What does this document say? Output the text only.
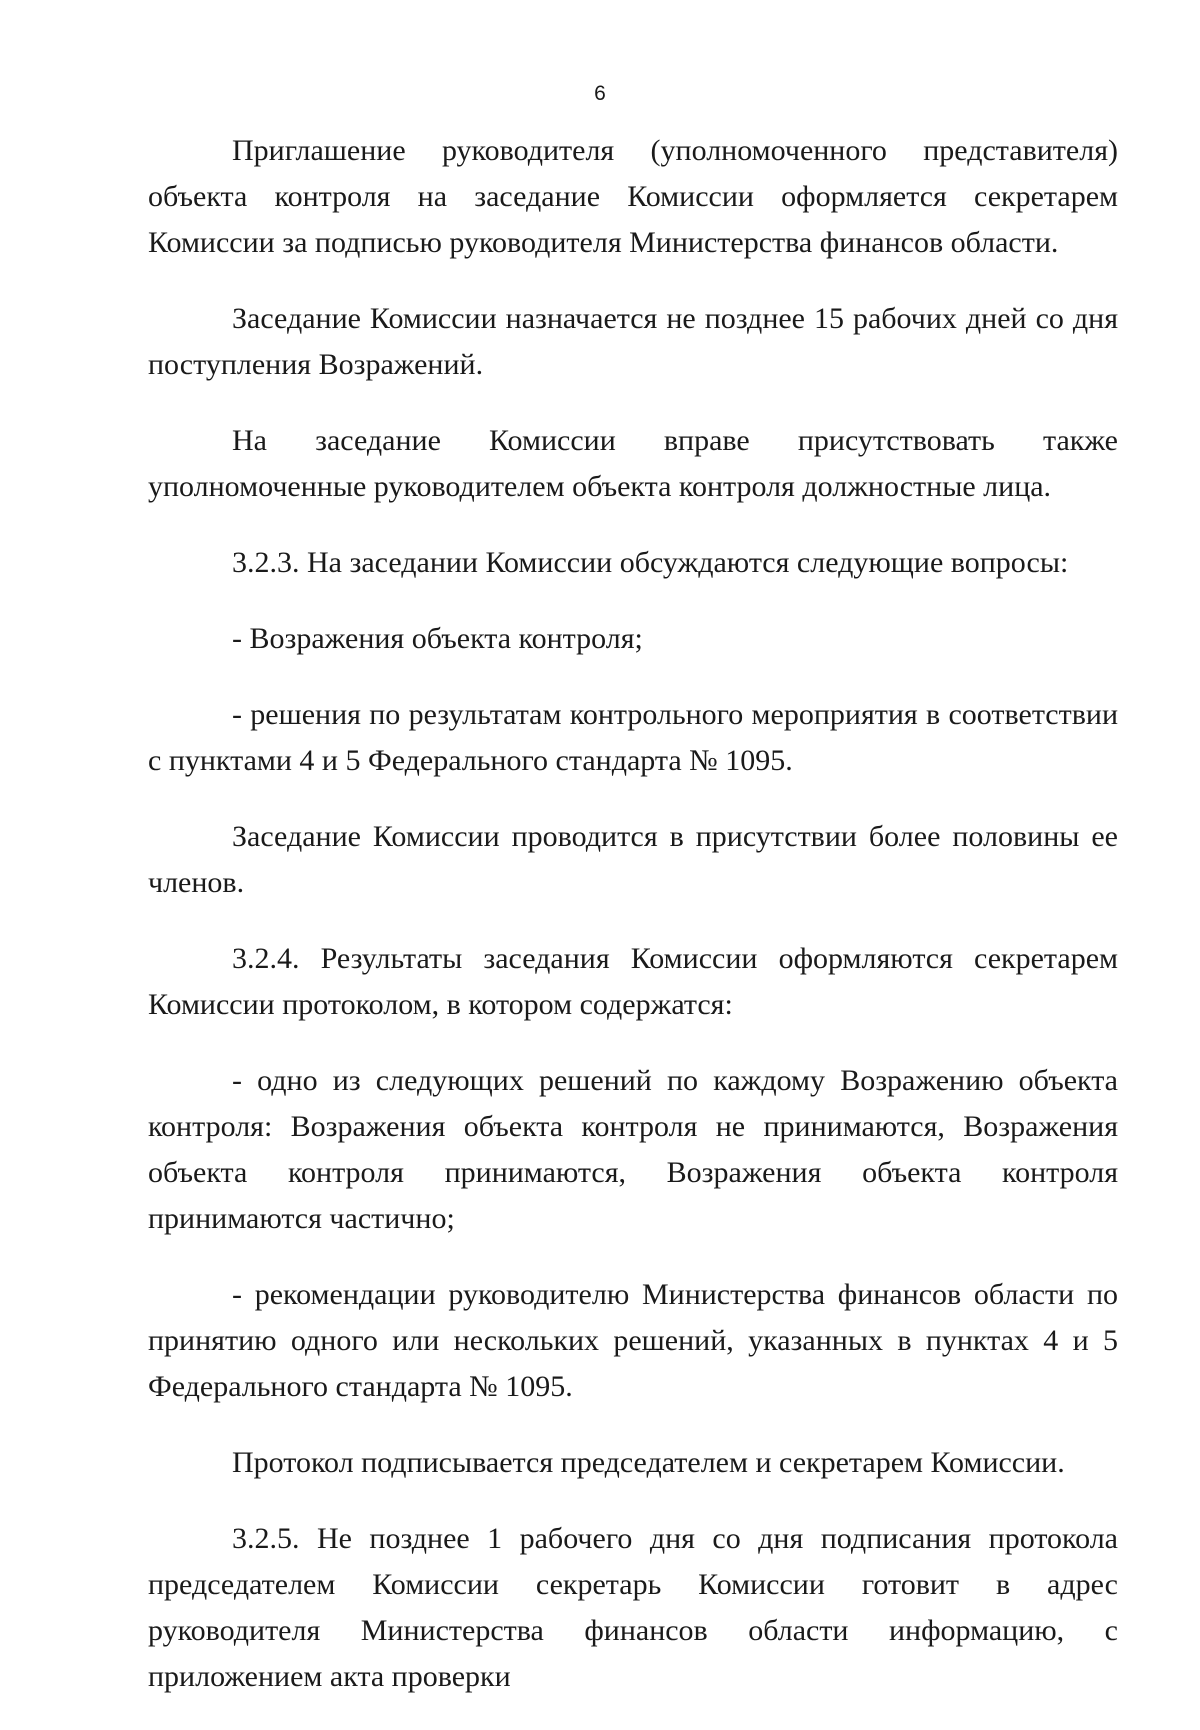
6

Приглашение руководителя (уполномоченного представителя) объекта контроля на заседание Комиссии оформляется секретарем Комиссии за подписью руководителя Министерства финансов области.

Заседание Комиссии назначается не позднее 15 рабочих дней со дня поступления Возражений.

На заседание Комиссии вправе присутствовать также уполномоченные руководителем объекта контроля должностные лица.

3.2.3. На заседании Комиссии обсуждаются следующие вопросы:

- Возражения объекта контроля;

- решения по результатам контрольного мероприятия в соответствии с пунктами 4 и 5 Федерального стандарта № 1095.

Заседание Комиссии проводится в присутствии более половины ее членов.

3.2.4. Результаты заседания Комиссии оформляются секретарем Комиссии протоколом, в котором содержатся:

- одно из следующих решений по каждому Возражению объекта контроля: Возражения объекта контроля не принимаются, Возражения объекта контроля принимаются, Возражения объекта контроля принимаются частично;

- рекомендации руководителю Министерства финансов области по принятию одного или нескольких решений, указанных в пунктах 4 и 5 Федерального стандарта № 1095.

Протокол подписывается председателем и секретарем Комиссии.

3.2.5. Не позднее 1 рабочего дня со дня подписания протокола председателем Комиссии секретарь Комиссии готовит в адрес руководителя Министерства финансов области информацию, с приложением акта проверки
